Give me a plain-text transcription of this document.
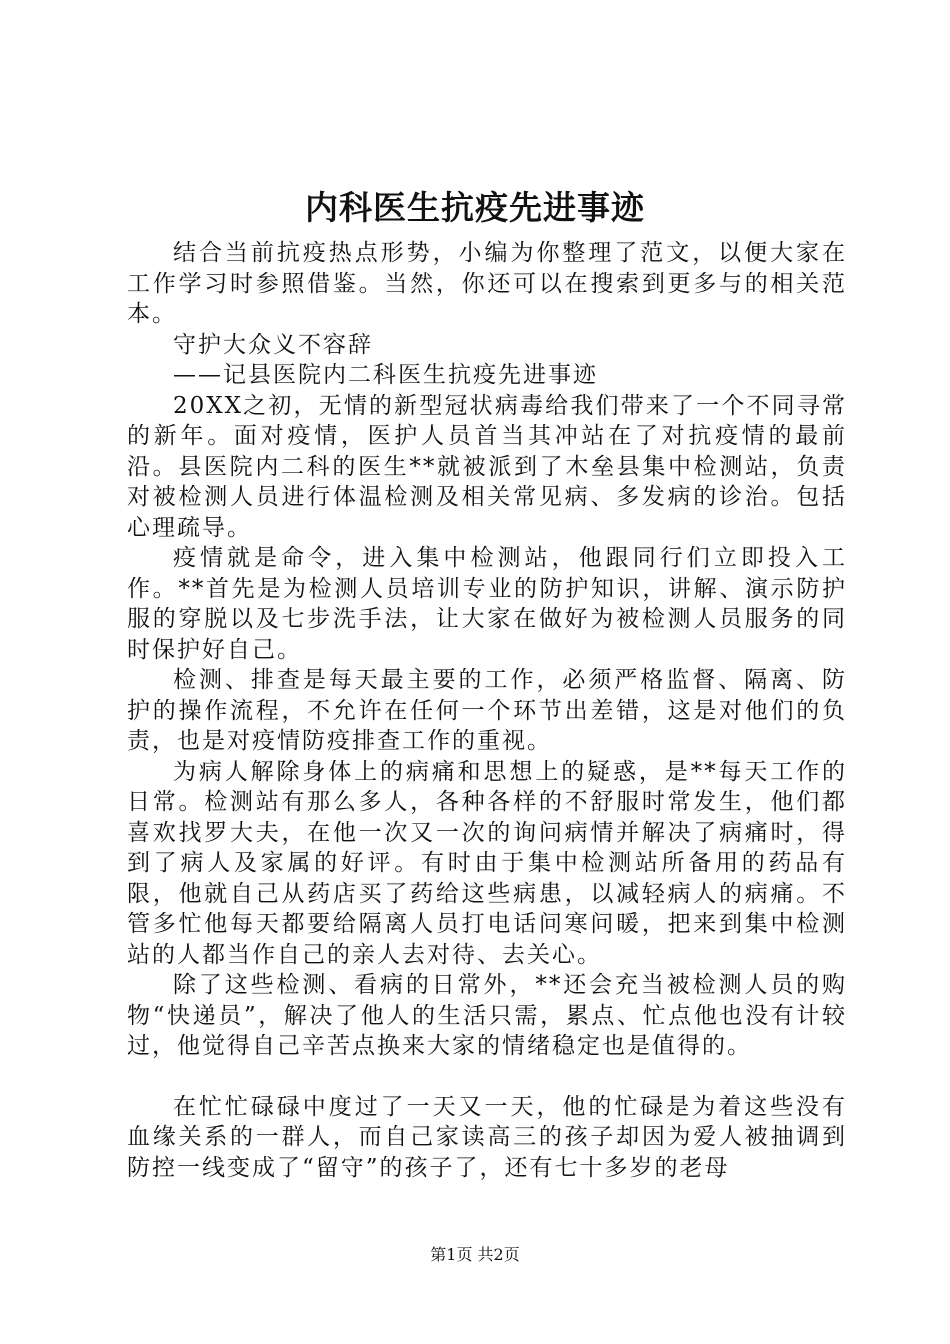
内科医生抗疫先进事迹

结合当前抗疫热点形势，小编为你整理了范文，以便大家在工作学习时参照借鉴。当然，你还可以在搜索到更多与的相关范本。

守护大众义不容辞

——记县医院内二科医生抗疫先进事迹

20XX之初，无情的新型冠状病毒给我们带来了一个不同寻常的新年。面对疫情，医护人员首当其冲站在了对抗疫情的最前沿。县医院内二科的医生**就被派到了木垒县集中检测站，负责对被检测人员进行体温检测及相关常见病、多发病的诊治。包括心理疏导。

疫情就是命令，进入集中检测站，他跟同行们立即投入工作。**首先是为检测人员培训专业的防护知识，讲解、演示防护服的穿脱以及七步洗手法，让大家在做好为被检测人员服务的同时保护好自己。

检测、排查是每天最主要的工作，必须严格监督、隔离、防护的操作流程，不允许在任何一个环节出差错，这是对他们的负责，也是对疫情防疫排查工作的重视。

为病人解除身体上的病痛和思想上的疑惑，是**每天工作的日常。检测站有那么多人，各种各样的不舒服时常发生，他们都喜欢找罗大夫，在他一次又一次的询问病情并解决了病痛时，得到了病人及家属的好评。有时由于集中检测站所备用的药品有限，他就自己从药店买了药给这些病患，以减轻病人的病痛。不管多忙他每天都要给隔离人员打电话问寒问暖，把来到集中检测站的人都当作自己的亲人去对待、去关心。

除了这些检测、看病的日常外，**还会充当被检测人员的购物“快递员”，解决了他人的生活只需，累点、忙点他也没有计较过，他觉得自己辛苦点换来大家的情绪稳定也是值得的。

在忙忙碌碌中度过了一天又一天，他的忙碌是为着这些没有血缘关系的一群人，而自己家读高三的孩子却因为爱人被抽调到防控一线变成了“留守”的孩子了，还有七十多岁的老母

第1页 共2页
